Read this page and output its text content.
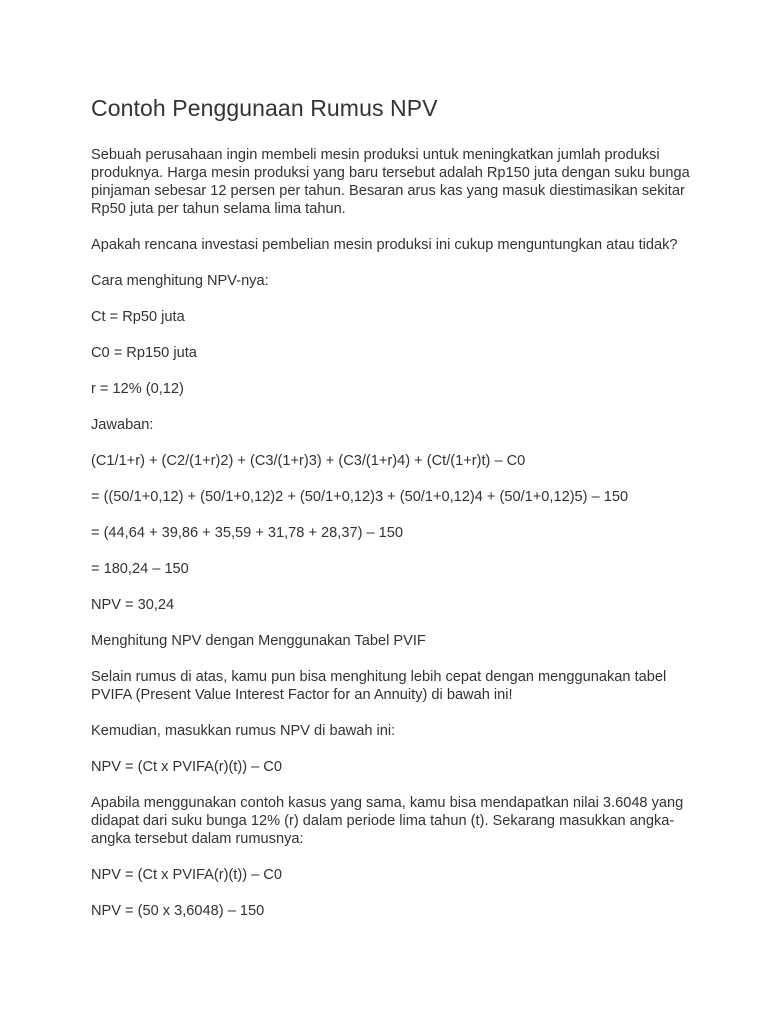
Contoh Penggunaan Rumus NPV

Sebuah perusahaan ingin membeli mesin produksi untuk meningkatkan jumlah produksi produknya. Harga mesin produksi yang baru tersebut adalah Rp150 juta dengan suku bunga pinjaman sebesar 12 persen per tahun. Besaran arus kas yang masuk diestimasikan sekitar Rp50 juta per tahun selama lima tahun.

Apakah rencana investasi pembelian mesin produksi ini cukup menguntungkan atau tidak?

Cara menghitung NPV-nya:

Ct = Rp50 juta

C0 = Rp150 juta

r = 12% (0,12)

Jawaban:

(C1/1+r) + (C2/(1+r)2) + (C3/(1+r)3) + (C3/(1+r)4) + (Ct/(1+r)t) – C0

= ((50/1+0,12) + (50/1+0,12)2 + (50/1+0,12)3 + (50/1+0,12)4 + (50/1+0,12)5) – 150

= (44,64 + 39,86 + 35,59 + 31,78 + 28,37) – 150

= 180,24 – 150

NPV = 30,24

Menghitung NPV dengan Menggunakan Tabel PVIF

Selain rumus di atas, kamu pun bisa menghitung lebih cepat dengan menggunakan tabel PVIFA (Present Value Interest Factor for an Annuity) di bawah ini!

Kemudian, masukkan rumus NPV di bawah ini:

NPV = (Ct x PVIFA(r)(t)) – C0

Apabila menggunakan contoh kasus yang sama, kamu bisa mendapatkan nilai 3.6048 yang didapat dari suku bunga 12% (r) dalam periode lima tahun (t). Sekarang masukkan angka-angka tersebut dalam rumusnya:

NPV = (Ct x PVIFA(r)(t)) – C0

NPV = (50 x 3,6048) – 150
